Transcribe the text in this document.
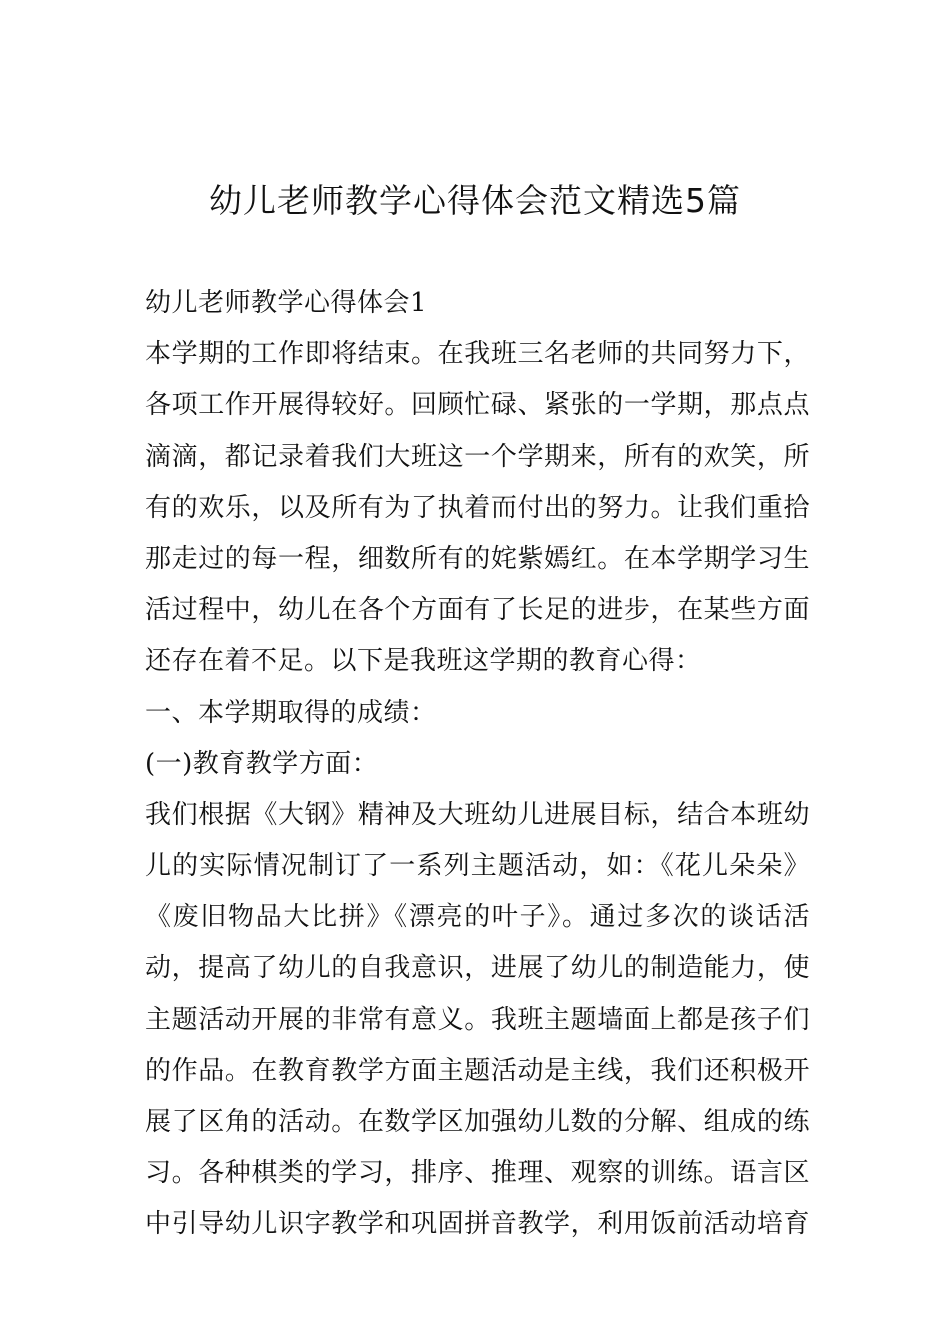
幼儿老师教学心得体会范文精选5篇
幼儿老师教学心得体会1
本学期的工作即将结束。在我班三名老师的共同努力下，
各项工作开展得较好。回顾忙碌、紧张的一学期，那点点
滴滴，都记录着我们大班这一个学期来，所有的欢笑，所
有的欢乐，以及所有为了执着而付出的努力。让我们重拾
那走过的每一程，细数所有的姹紫嫣红。在本学期学习生
活过程中，幼儿在各个方面有了长足的进步，在某些方面
还存在着不足。以下是我班这学期的教育心得：
一、本学期取得的成绩：
(一)教育教学方面：
我们根据《大钢》精神及大班幼儿进展目标，结合本班幼
儿的实际情况制订了一系列主题活动，如：《花儿朵朵》
《废旧物品大比拼》《漂亮的叶子》。通过多次的谈话活
动，提高了幼儿的自我意识，进展了幼儿的制造能力，使
主题活动开展的非常有意义。我班主题墙面上都是孩子们
的作品。在教育教学方面主题活动是主线，我们还积极开
展了区角的活动。在数学区加强幼儿数的分解、组成的练
习。各种棋类的学习，排序、推理、观察的训练。语言区
中引导幼儿识字教学和巩固拼音教学，利用饭前活动培育
